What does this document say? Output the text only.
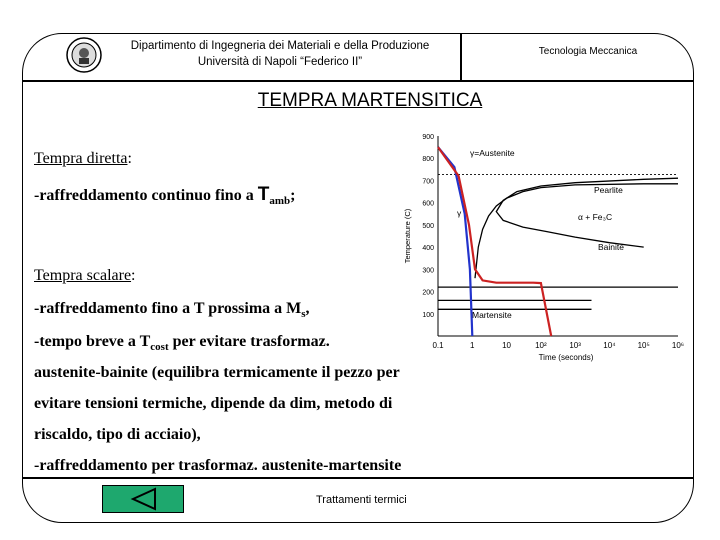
Dipartimento di Ingegneria dei Materiali e della Produzione
Università di Napoli “Federico II”
Tecnologia Meccanica
TEMPRA MARTENSITICA
Tempra diretta:
-raffreddamento continuo fino a $T_{amb}$;
Tempra scalare:
-raffreddamento fino a T prossima a $M_s$,
-tempo breve a $T_{cost}$ per evitare trasformaz.
austenite-bainite (equilibra termicamente il pezzo per
evitare tensioni termiche, dipende da dim, metodo di
riscaldo, tipo di acciaio),
-raffreddamento per trasformaz. austenite-martensite
Trattamenti termici
100
200
300
400
500
600
700
800
900
0.1	1	10	10²	10³	10⁴	10⁵	10⁶
Time (seconds)
Temperature (C)
γ=Austenite
Pearlite
α + Fe₃C
Bainite
γ
Martensite
